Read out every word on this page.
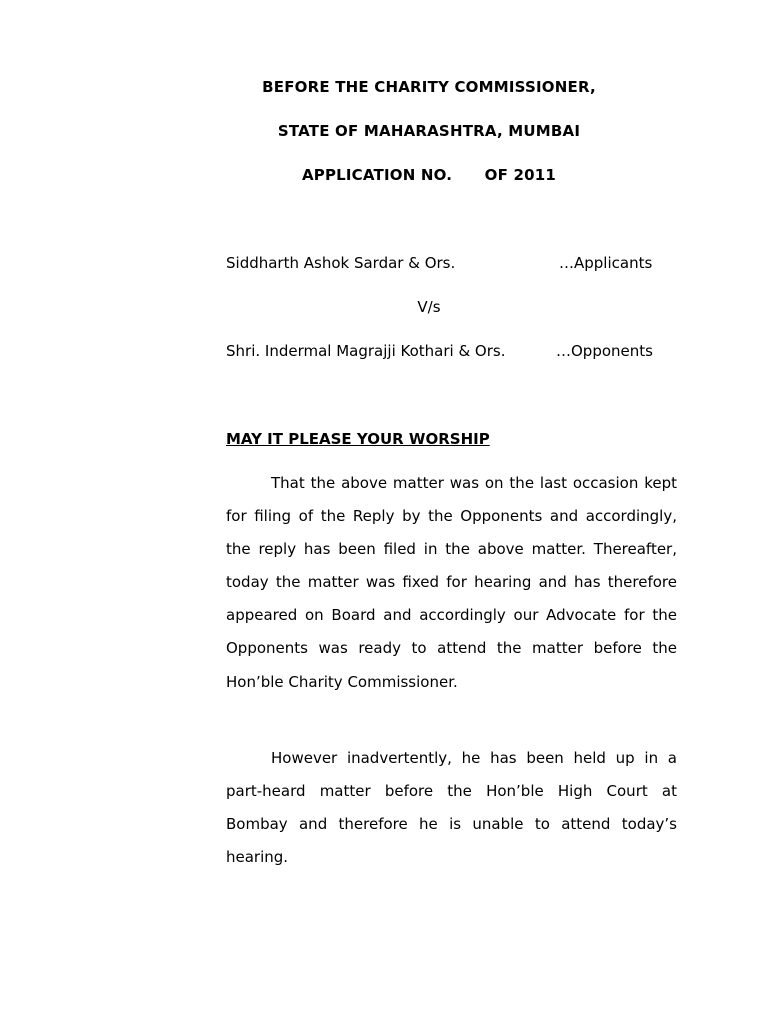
BEFORE THE CHARITY COMMISSIONER,
STATE OF MAHARASHTRA, MUMBAI
APPLICATION NO.      OF 2011
Siddharth Ashok Sardar & Ors.	…Applicants
V/s
Shri. Indermal Magrajji Kothari & Ors.	…Opponents
MAY IT PLEASE YOUR WORSHIP

That the above matter was on the last occasion kept for filing of the Reply by the Opponents and accordingly, the reply has been filed in the above matter. Thereafter, today the matter was fixed for hearing and has therefore appeared on Board and accordingly our Advocate for the Opponents was ready to attend the matter before the Hon’ble Charity Commissioner.

However inadvertently, he has been held up in a part-heard matter before the Hon’ble High Court at Bombay and therefore he is unable to attend today’s hearing.
